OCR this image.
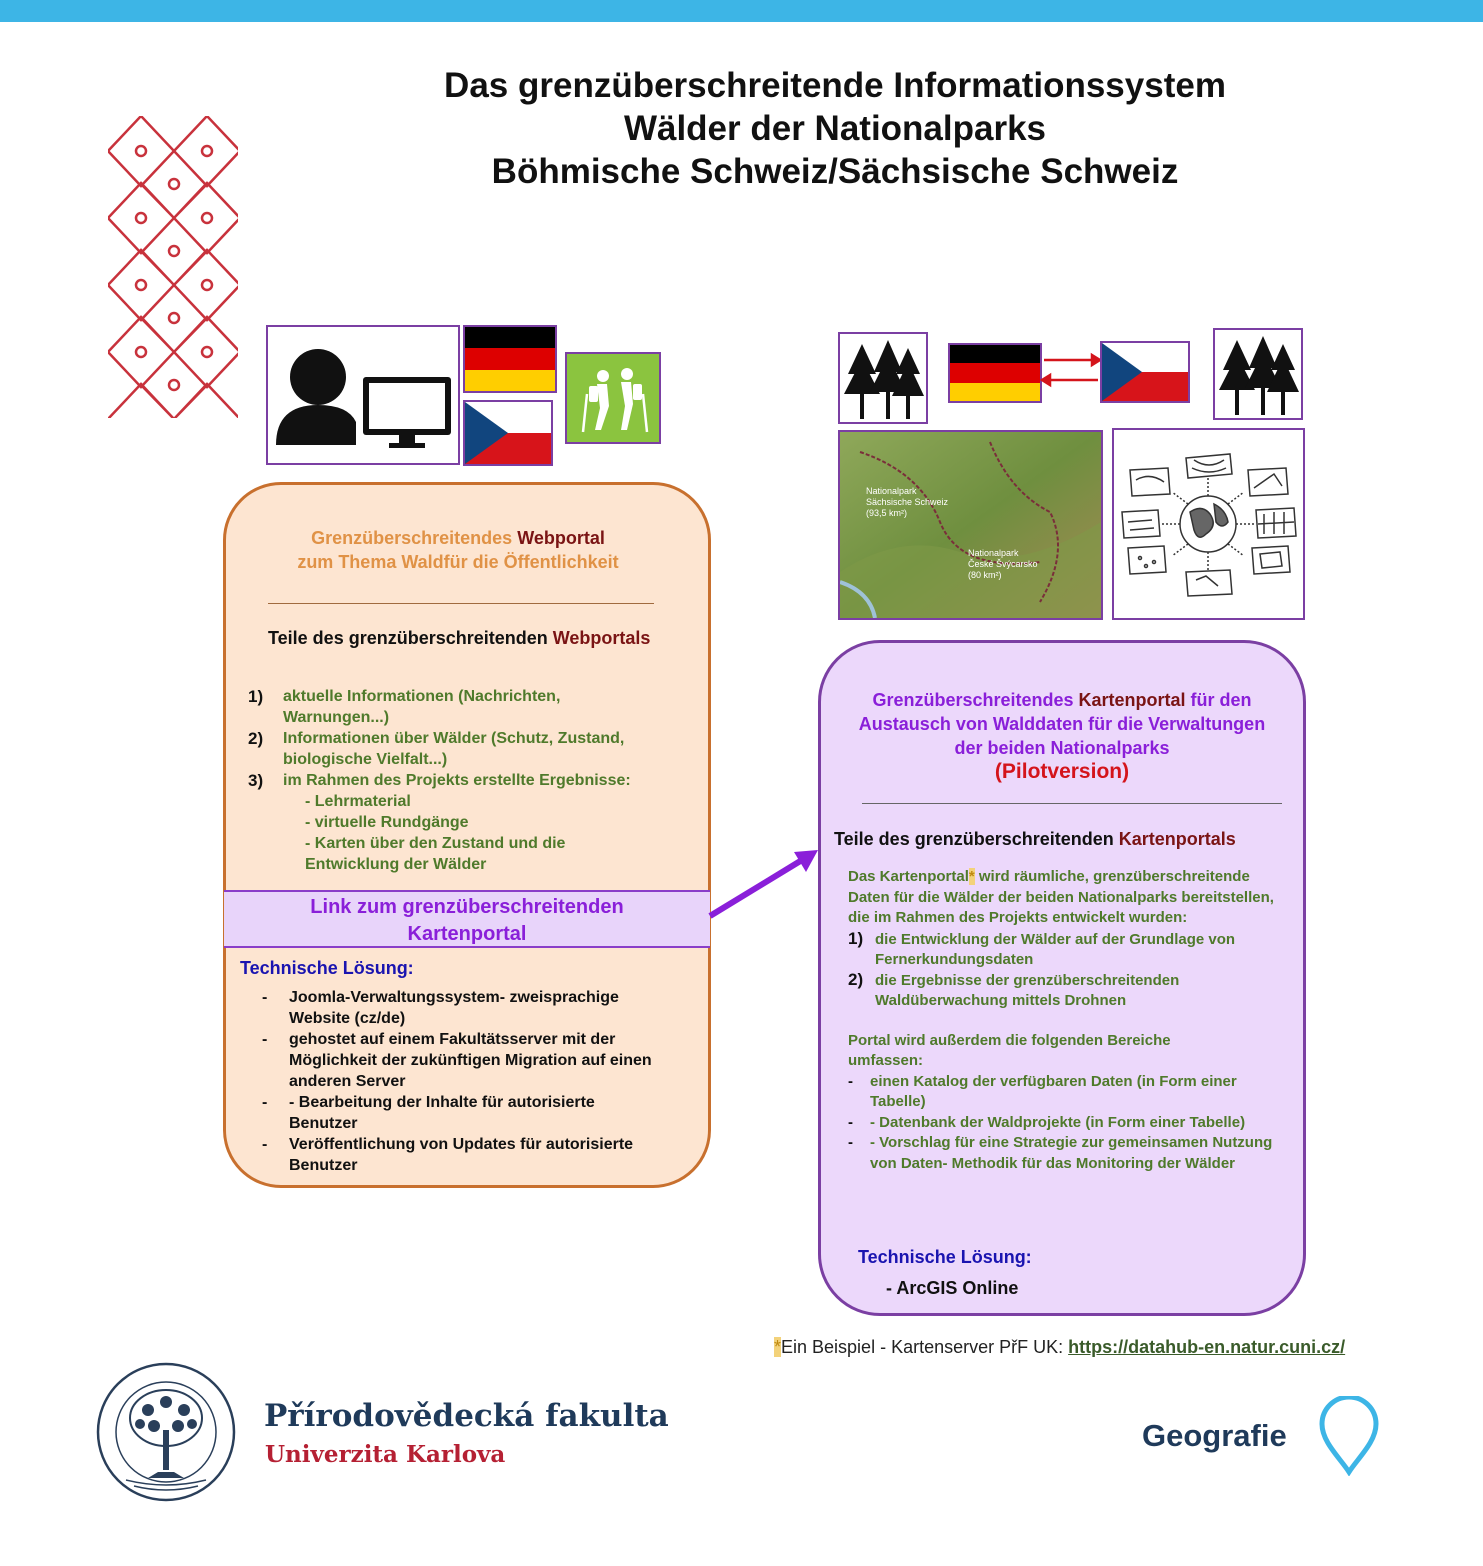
Das grenzüberschreitende Informationssystem
Wälder der Nationalparks
Böhmische Schweiz/Sächsische Schweiz
Nationalpark
Sächsische Schweiz
(93,5 km²)
Nationalpark
České Švýcarsko
(80 km²)
Grenzüberschreitendes Webportal
zum Thema Waldfür die Öffentlichkeit
Teile des grenzüberschreitenden Webportals
1) aktuelle Informationen (Nachrichten, Warnungen...)
2) Informationen über Wälder (Schutz, Zustand, biologische Vielfalt...)
3) im Rahmen des Projekts erstellte Ergebnisse:
- Lehrmaterial
- virtuelle Rundgänge
- Karten über den Zustand und die Entwicklung der Wälder
Link zum grenzüberschreitenden
Kartenportal
Technische Lösung:
- Joomla-Verwaltungssystem- zweisprachige Website (cz/de)
- gehostet auf einem Fakultätsserver mit der Möglichkeit der zukünftigen Migration auf einen anderen Server
- - Bearbeitung der Inhalte für autorisierte Benutzer
- Veröffentlichung von Updates für autorisierte Benutzer
Grenzüberschreitendes Kartenportal für den
Austausch von Walddaten für die Verwaltungen
der beiden Nationalparks
(Pilotversion)
Teile des grenzüberschreitenden Kartenportals
Das Kartenportal* wird räumliche, grenzüberschreitende Daten für die Wälder der beiden Nationalparks bereitstellen, die im Rahmen des Projekts entwickelt wurden:
1) die Entwicklung der Wälder auf der Grundlage von Fernerkundungsdaten
2) die Ergebnisse der grenzüberschreitenden Waldüberwachung mittels Drohnen
Portal wird außerdem die folgenden Bereiche umfassen:
- einen Katalog der verfügbaren Daten (in Form einer Tabelle)
- - Datenbank der Waldprojekte (in Form einer Tabelle)
- - Vorschlag für eine Strategie zur gemeinsamen Nutzung von Daten- Methodik für das Monitoring der Wälder
Technische Lösung:
- ArcGIS Online
*Ein Beispiel - Kartenserver PřF UK: https://datahub-en.natur.cuni.cz/
Přírodovědecká fakulta
Univerzita Karlova
Geografie
